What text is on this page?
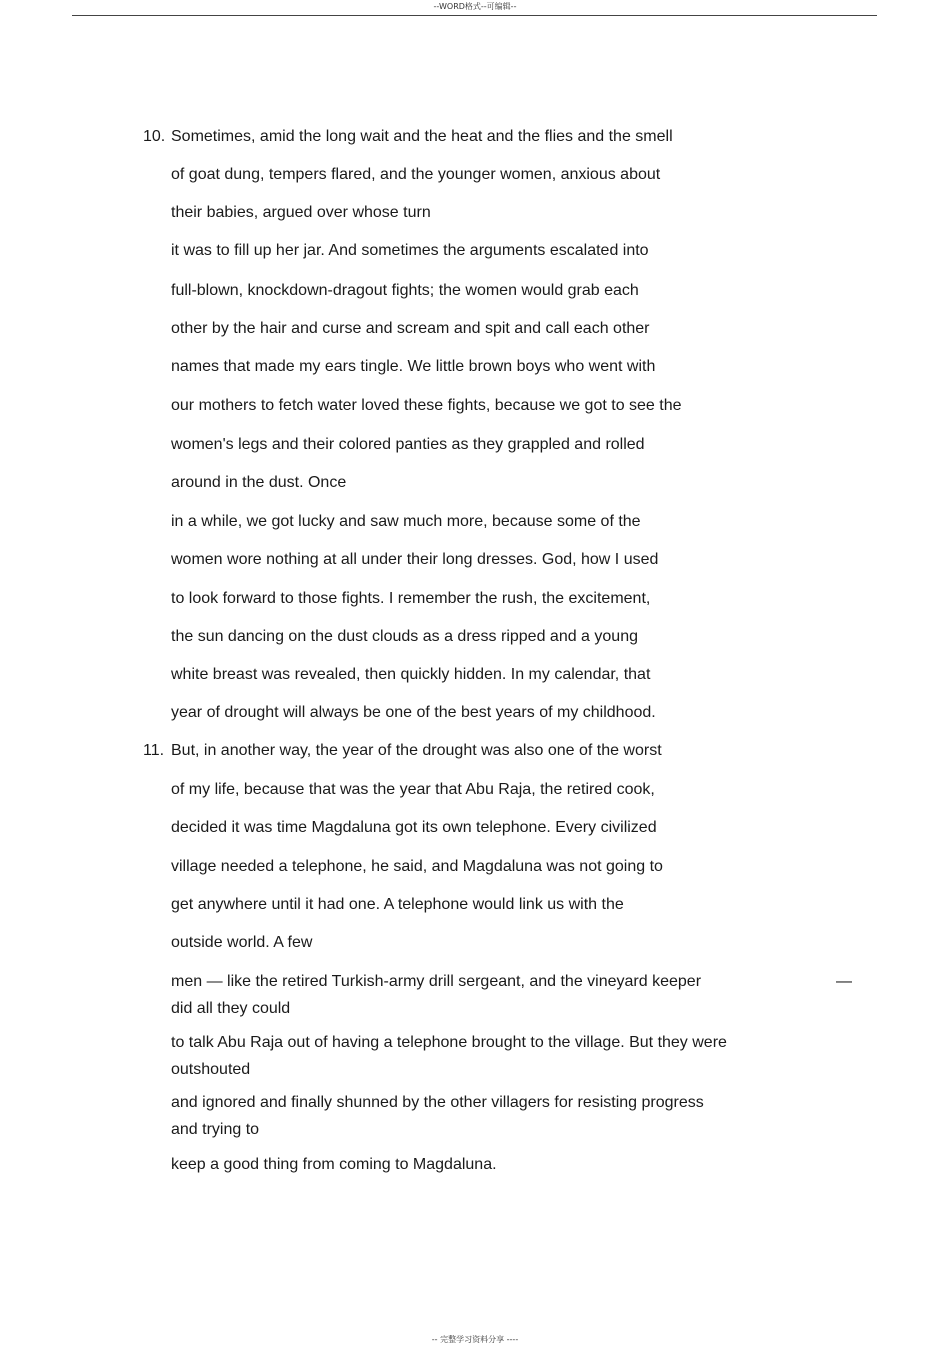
--WORD格式--可编辑--
10. Sometimes, amid the long wait and the heat and the flies and the smell
of goat dung, tempers flared, and the younger women, anxious about
their babies, argued over whose turn
it was to fill up her jar. And sometimes the arguments escalated into
full-blown, knockdown-dragout fights; the women would grab each
other by the hair and curse and scream and spit and call each other
names that made my ears tingle. We little brown boys who went with
our mothers to fetch water loved these fights, because we got to see the
women's legs and their colored panties as they grappled and rolled
around in the dust. Once
in a while, we got lucky and saw much more, because some of the
women wore nothing at all under their long dresses. God, how I used
to look forward to those fights. I remember the rush, the excitement,
the sun dancing on the dust clouds as a dress ripped and a young
white breast was revealed, then quickly hidden. In my calendar, that
year of drought will always be one of the best years of my childhood.
11. But, in another way, the year of the drought was also one of the worst
of my life, because that was the year that Abu Raja, the retired cook,
decided it was time Magdaluna got its own telephone. Every civilized
village needed a telephone, he said, and Magdaluna was not going to
get anywhere until it had one. A telephone would link us with the
outside world. A few
men — like the retired Turkish-army drill sergeant, and the vineyard keeper
did all they could
—
to talk Abu Raja out of having a telephone brought to the village. But they were
outshouted
and ignored and finally shunned by the other villagers for resisting progress
and trying to
keep a good thing from coming to Magdaluna.
-- 完整学习资料分享 ----
